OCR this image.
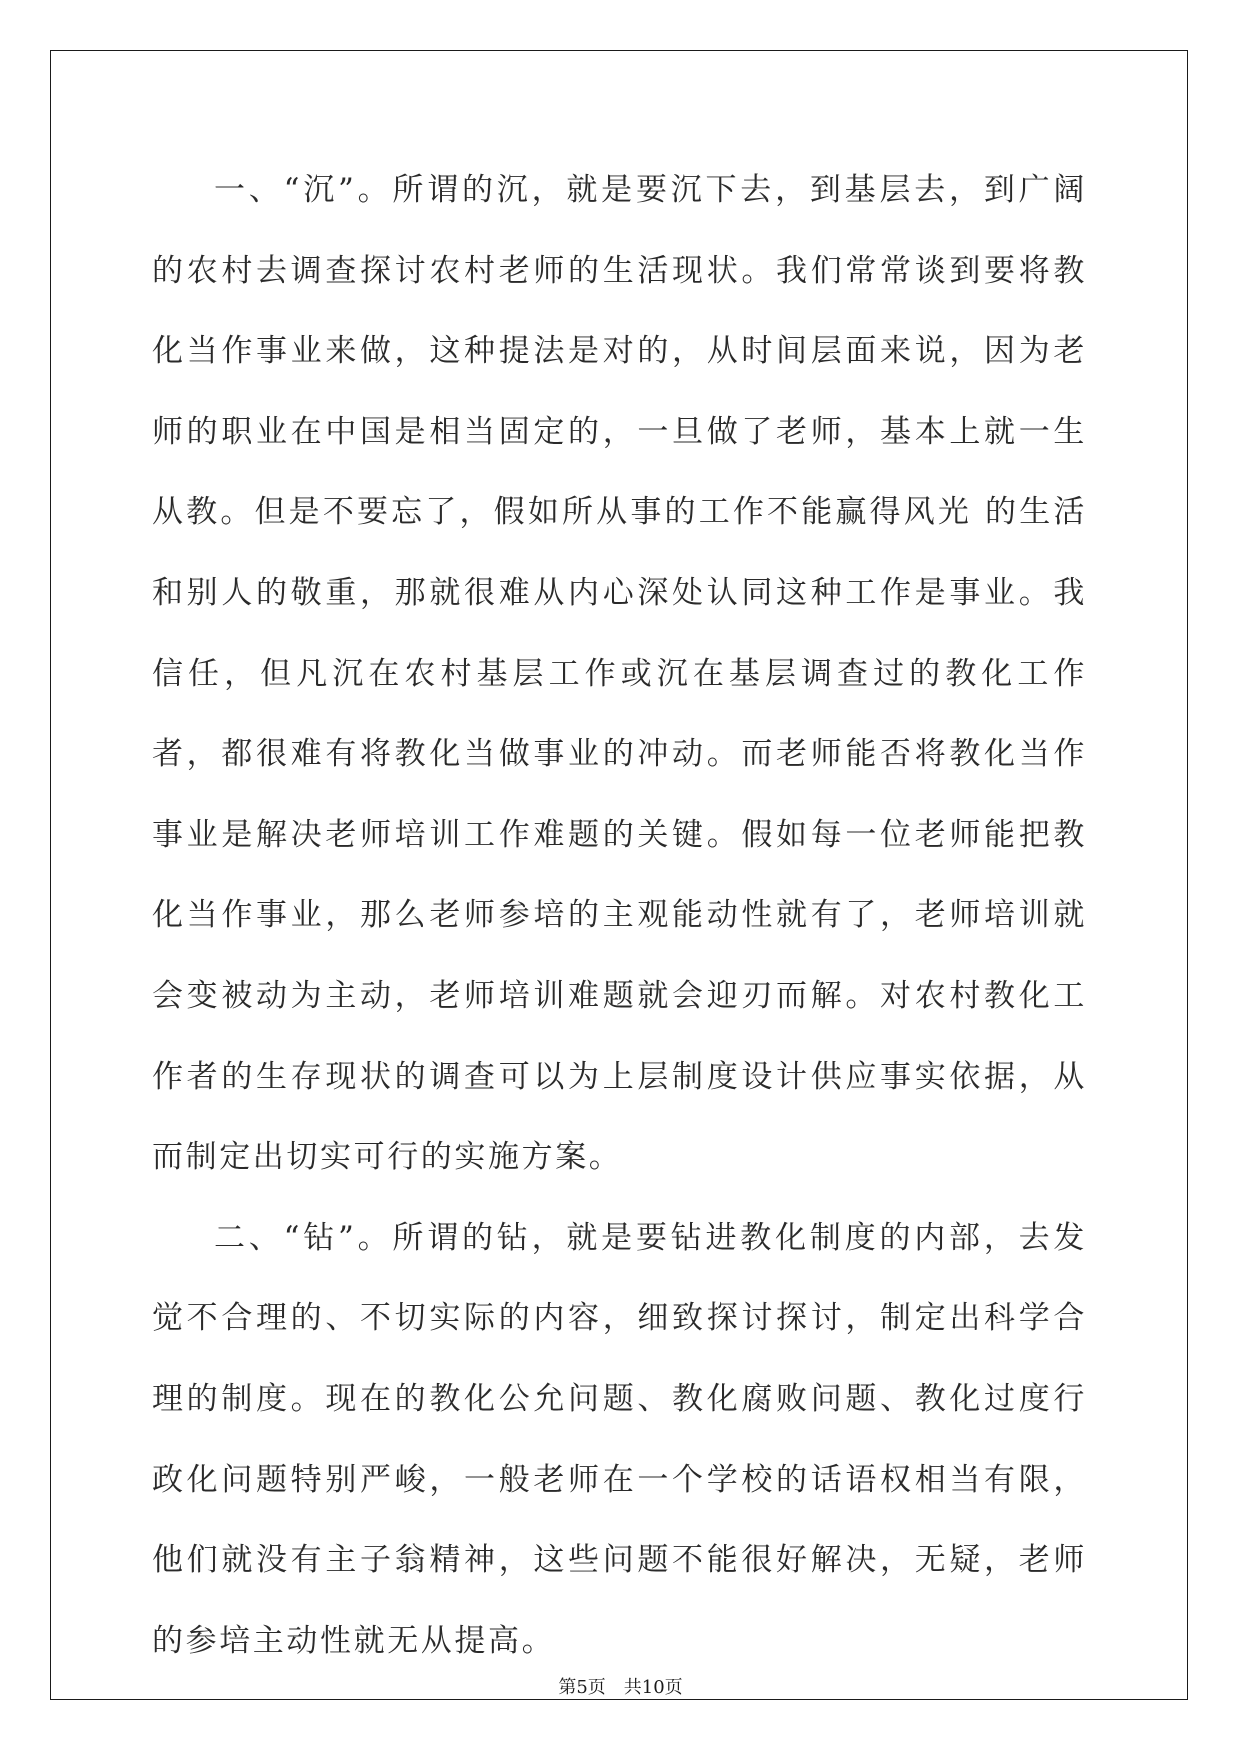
一、“沉”。所谓的沉，就是要沉下去，到基层去，到广阔的农村去调查探讨农村老师的生活现状。我们常常谈到要将教化当作事业来做，这种提法是对的，从时间层面来说，因为老师的职业在中国是相当固定的，一旦做了老师，基本上就一生从教。但是不要忘了，假如所从事的工作不能赢得风光 的生活和别人的敬重，那就很难从内心深处认同这种工作是事业。我信任，但凡沉在农村基层工作或沉在基层调查过的教化工作者，都很难有将教化当做事业的冲动。而老师能否将教化当作事业是解决老师培训工作难题的关键。假如每一位老师能把教化当作事业，那么老师参培的主观能动性就有了，老师培训就会变被动为主动，老师培训难题就会迎刃而解。对农村教化工作者的生存现状的调查可以为上层制度设计供应事实依据，从而制定出切实可行的实施方案。

二、“钻”。所谓的钻，就是要钻进教化制度的内部，去发觉不合理的、不切实际的内容，细致探讨探讨，制定出科学合理的制度。现在的教化公允问题、教化腐败问题、教化过度行政化问题特别严峻，一般老师在一个学校的话语权相当有限，他们就没有主子翁精神，这些问题不能很好解决，无疑，老师的参培主动性就无从提高。

第5页 共10页
